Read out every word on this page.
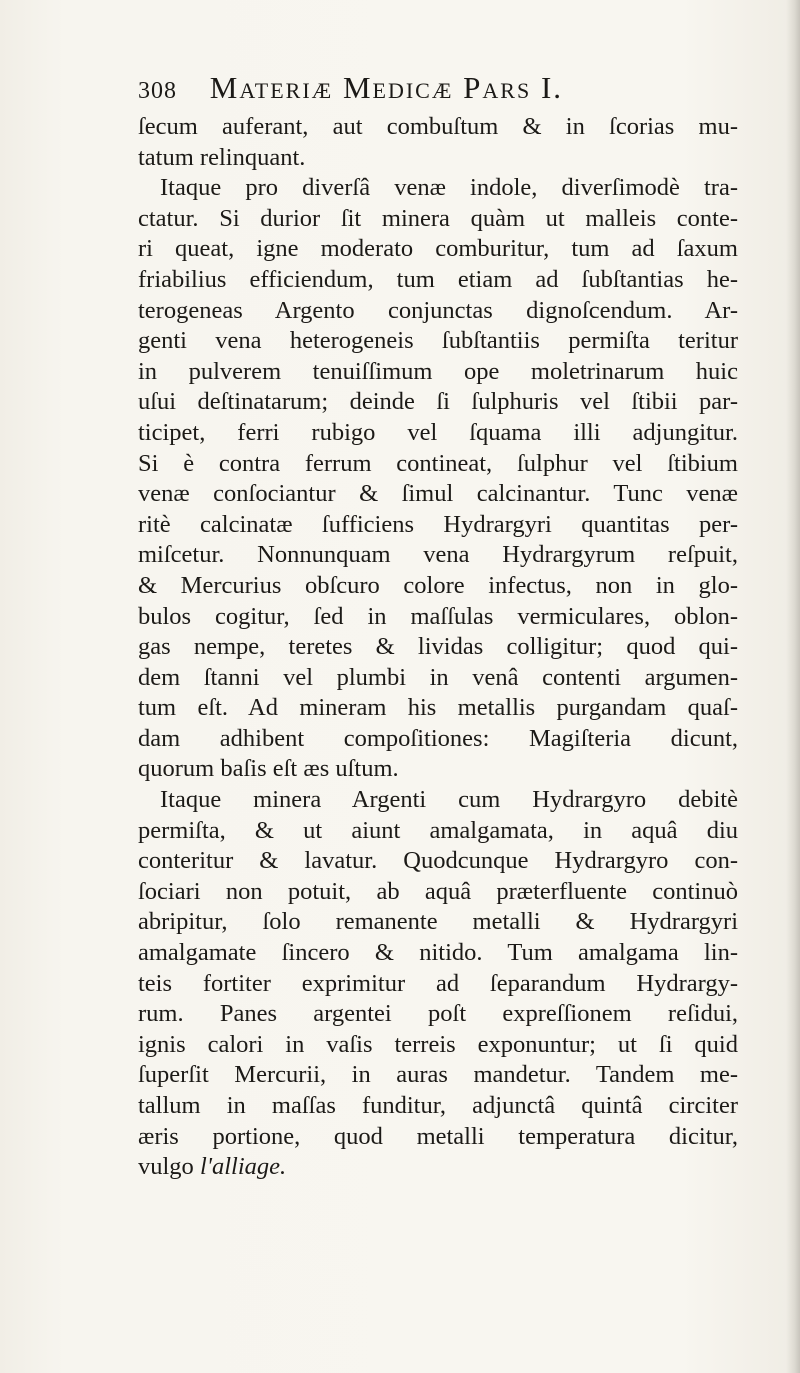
308 Materiæ Medicæ Pars I.
ſecum auferant, aut combuſtum & in ſcorias mu-
tatum relinquant.
Itaque pro diverſâ venæ indole, diverſimodè tra-
ctatur. Si durior ſit minera quàm ut malleis conte-
ri queat, igne moderato comburitur, tum ad ſaxum
friabilius efficiendum, tum etiam ad ſubſtantias he-
terogeneas Argento conjunctas dignoſcendum. Ar-
genti vena heterogeneis ſubſtantiis permiſta teritur
in pulverem tenuiſſimum ope moletrinarum huic
uſui deſtinatarum; deinde ſi ſulphuris vel ſtibii par-
ticipet, ferri rubigo vel ſquama illi adjungitur.
Si è contra ferrum contineat, ſulphur vel ſtibium
venæ conſociantur & ſimul calcinantur. Tunc venæ
ritè calcinatæ ſufficiens Hydrargyri quantitas per-
miſcetur. Nonnunquam vena Hydrargyrum reſpuit,
& Mercurius obſcuro colore infectus, non in glo-
bulos cogitur, ſed in maſſulas vermiculares, oblon-
gas nempe, teretes & lividas colligitur; quod qui-
dem ſtanni vel plumbi in venâ contenti argumen-
tum eſt. Ad mineram his metallis purgandam quaſ-
dam adhibent compoſitiones: Magiſteria dicunt,
quorum baſis eſt æs uſtum.
Itaque minera Argenti cum Hydrargyro debitè
permiſta, & ut aiunt amalgamata, in aquâ diu
conteritur & lavatur. Quodcunque Hydrargyro con-
ſociari non potuit, ab aquâ præterfluente continuò
abripitur, ſolo remanente metalli & Hydrargyri
amalgamate ſincero & nitido. Tum amalgama lin-
teis fortiter exprimitur ad ſeparandum Hydrargy-
rum. Panes argentei poſt expreſſionem reſidui,
ignis calori in vaſis terreis exponuntur; ut ſi quid
ſuperſit Mercurii, in auras mandetur. Tandem me-
tallum in maſſas funditur, adjunctâ quintâ circiter
æris portione, quod metalli temperatura dicitur,
vulgo l'alliage.
